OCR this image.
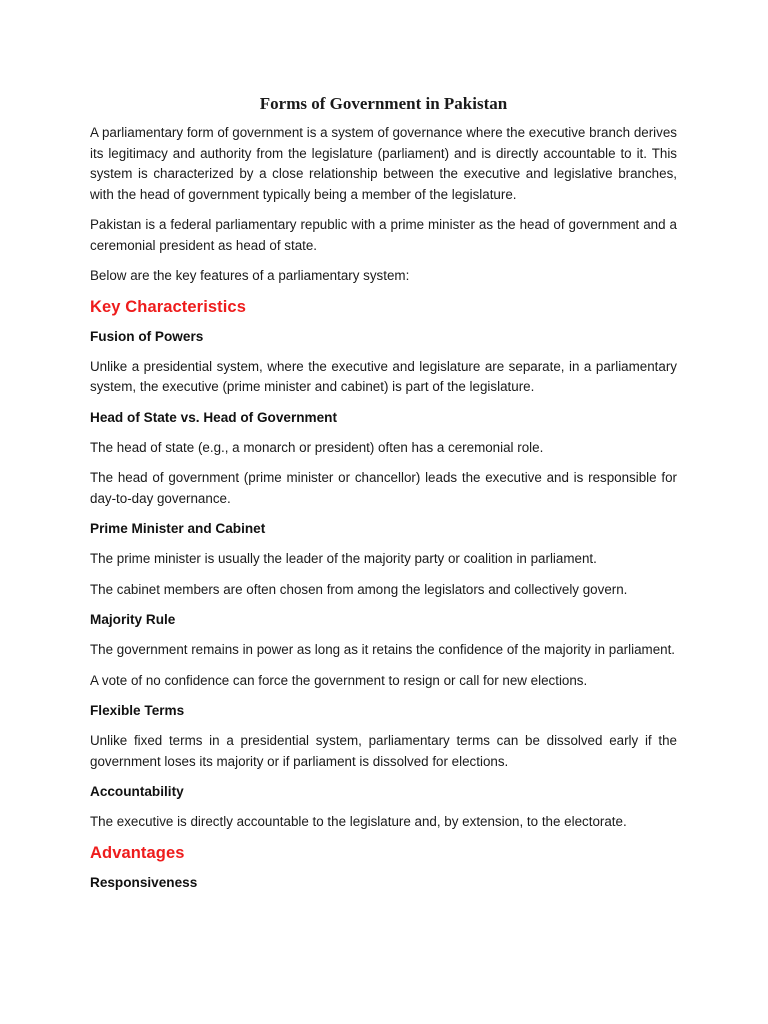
Forms of Government in Pakistan

A parliamentary form of government is a system of governance where the executive branch derives its legitimacy and authority from the legislature (parliament) and is directly accountable to it. This system is characterized by a close relationship between the executive and legislative branches, with the head of government typically being a member of the legislature.

Pakistan is a federal parliamentary republic with a prime minister as the head of government and a ceremonial president as head of state.

Below are the key features of a parliamentary system:

Key Characteristics
Fusion of Powers

Unlike a presidential system, where the executive and legislature are separate, in a parliamentary system, the executive (prime minister and cabinet) is part of the legislature.

Head of State vs. Head of Government

The head of state (e.g., a monarch or president) often has a ceremonial role.

The head of government (prime minister or chancellor) leads the executive and is responsible for day-to-day governance.

Prime Minister and Cabinet

The prime minister is usually the leader of the majority party or coalition in parliament.

The cabinet members are often chosen from among the legislators and collectively govern.

Majority Rule

The government remains in power as long as it retains the confidence of the majority in parliament.

A vote of no confidence can force the government to resign or call for new elections.

Flexible Terms

Unlike fixed terms in a presidential system, parliamentary terms can be dissolved early if the government loses its majority or if parliament is dissolved for elections.

Accountability

The executive is directly accountable to the legislature and, by extension, to the electorate.

Advantages
Responsiveness
